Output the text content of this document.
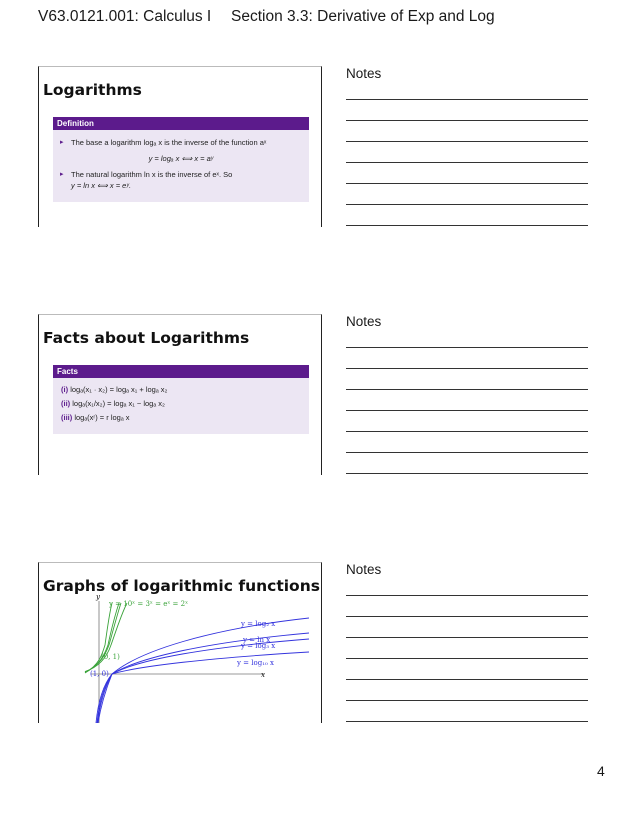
V63.0121.001: Calculus I Section 3.3: Derivative of Exp and Log
Logarithms
Definition
▸ The base a logarithm logₐ x is the inverse of the function aˣ
y = logₐ x ⟺ x = aʸ
▸ The natural logarithm ln x is the inverse of eˣ. So
y = ln x ⟺ x = eʸ.
Notes
Facts about Logarithms
Facts
(i) logₐ(x₁ · x₂) = logₐ x₁ + logₐ x₂
(ii) logₐ(x₁/x₂) = logₐ x₁ − logₐ x₂
(iii) logₐ(xʳ) = r logₐ x
Notes
Graphs of logarithmic functions
y
x
y = 10ˣ = 3ˣ = eˣ = 2ˣ
(0, 1)
(1, 0)
y = log₂ x
y = ln x
y = log₃ x
y = log₁₀ x
Notes
4
